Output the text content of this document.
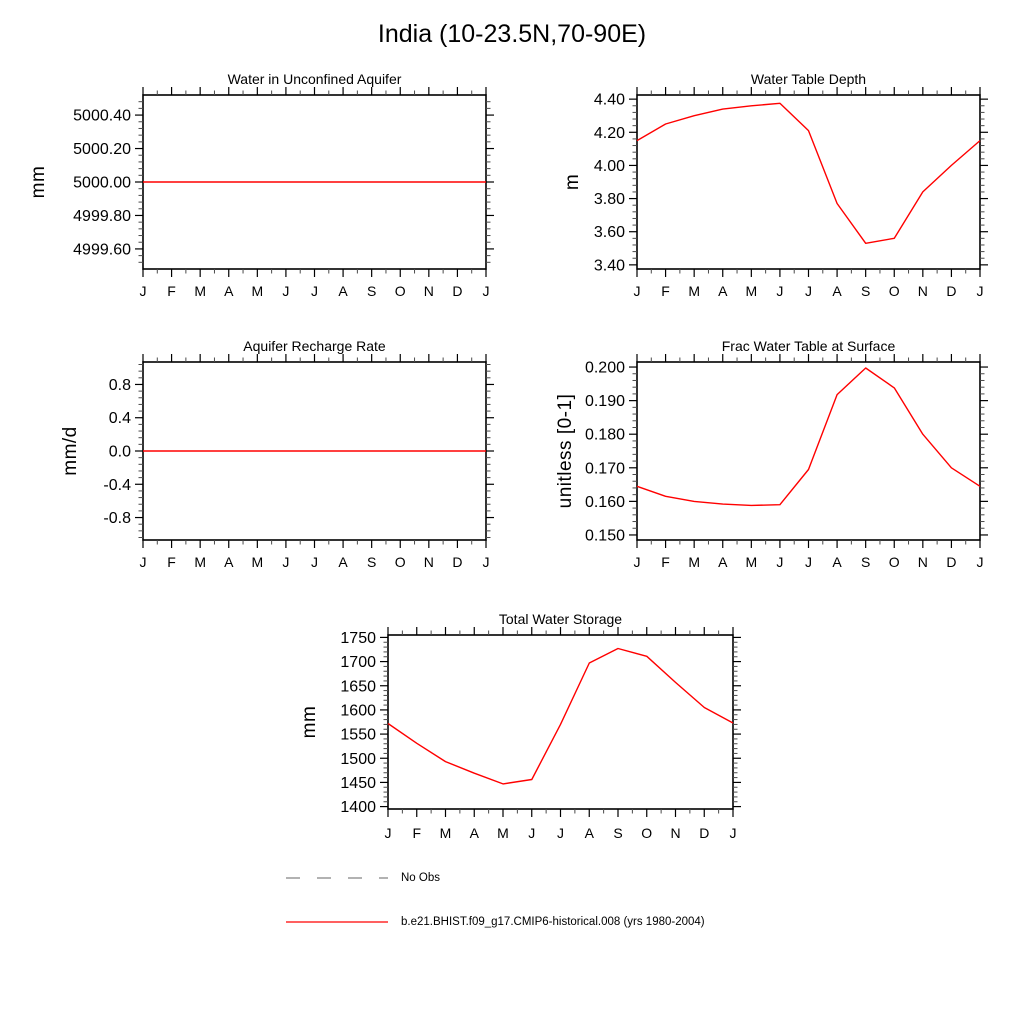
India (10-23.5N,70-90E)
Water in Unconfined Aquifer
mm
J F M A M J J A S O N D J
5000.40
5000.20
5000.00
4999.80
4999.60
Water Table Depth
m
J F M A M J J A S O N D J
4.40
4.20
4.00
3.80
3.60
3.40
Aquifer Recharge Rate
mm/d
J F M A M J J A S O N D J
0.8
0.4
0.0
-0.4
-0.8
Frac Water Table at Surface
unitless [0-1]
J F M A M J J A S O N D J
0.200
0.190
0.180
0.170
0.160
0.150
Total Water Storage
mm
J F M A M J J A S O N D J
1750
1700
1650
1600
1550
1500
1450
1400
No Obs
b.e21.BHIST.f09_g17.CMIP6-historical.008 (yrs 1980-2004)
